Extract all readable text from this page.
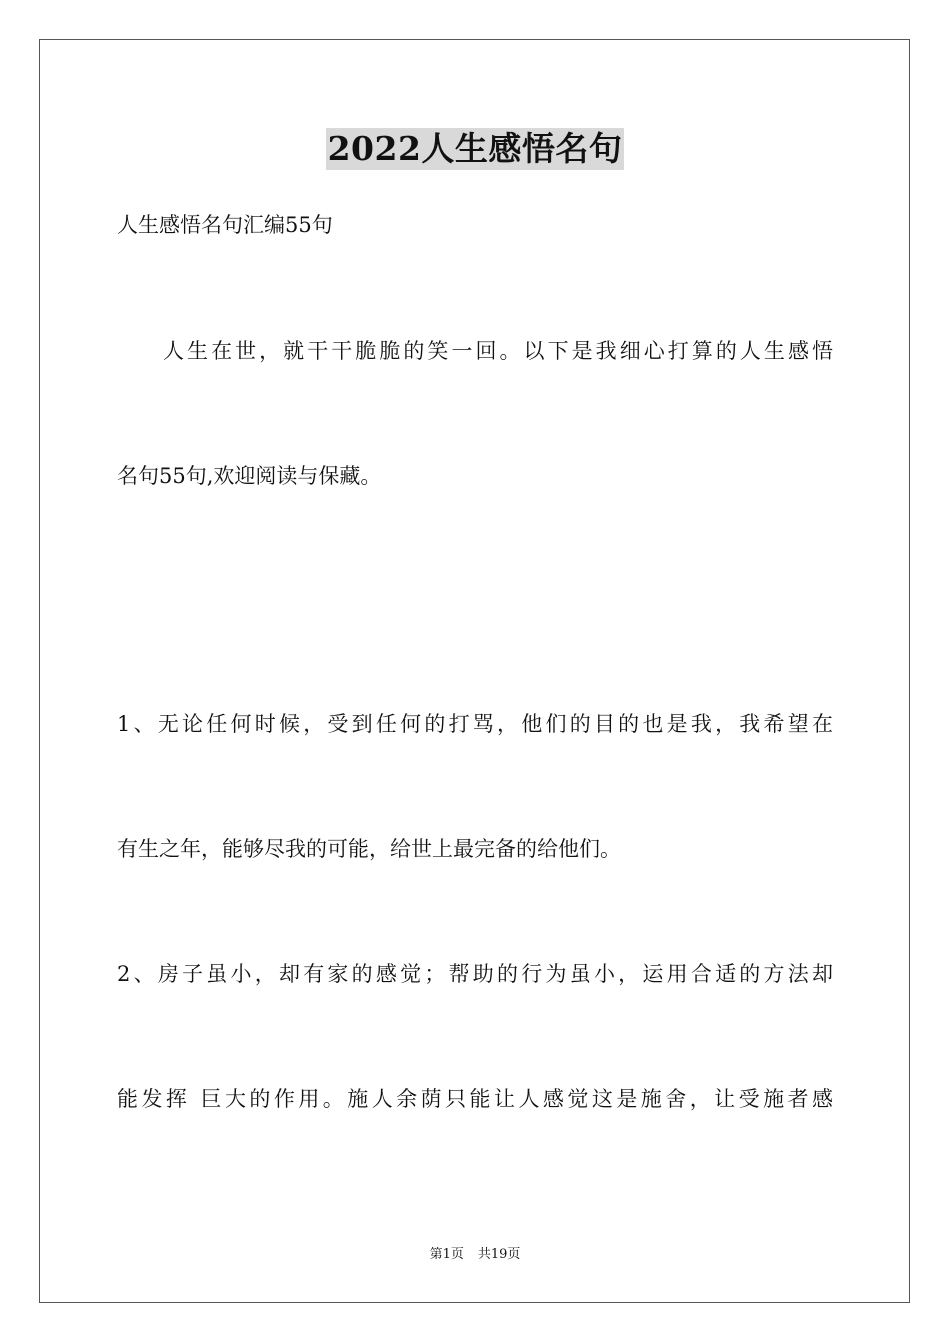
2022人生感悟名句
人生感悟名句汇编55句
人生在世，就干干脆脆的笑一回。以下是我细心打算的人生感悟
名句55句,欢迎阅读与保藏。
1、无论任何时候，受到任何的打骂，他们的目的也是我，我希望在
有生之年，能够尽我的可能，给世上最完备的给他们。
2、房子虽小，却有家的感觉；帮助的行为虽小，运用合适的方法却
能发挥 巨大的作用。施人余荫只能让人感觉这是施舍，让受施者感
第1页 共19页
